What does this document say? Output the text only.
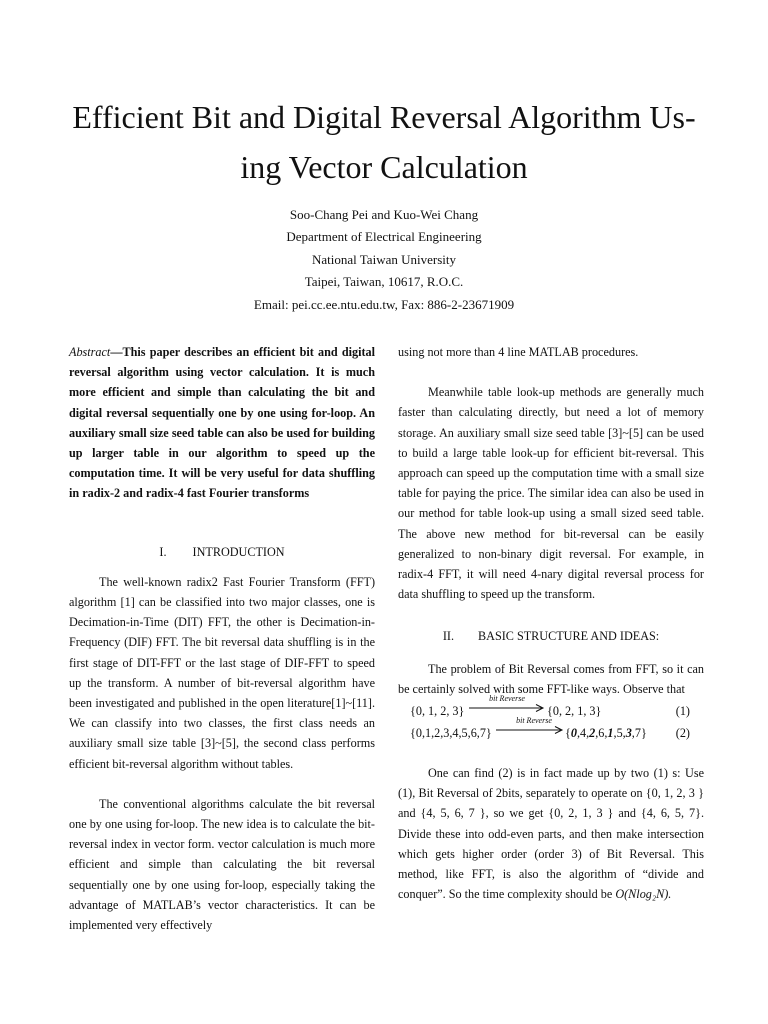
Efficient Bit and Digital Reversal Algorithm Us-
ing Vector Calculation
Soo-Chang Pei and Kuo-Wei Chang
Department of Electrical Engineering
National Taiwan University
Taipei, Taiwan, 10617, R.O.C.
Email: pei.cc.ee.ntu.edu.tw, Fax: 886-2-23671909

Abstract—This paper describes an efficient bit and digital reversal algorithm using vector calculation. It is much more efficient and simple than calculating the bit and digital reversal sequentially one by one using for-loop. An auxiliary small size seed table can also be used for building up larger table in our algorithm to speed up the computation time. It will be very useful for data shuffling in radix-2 and radix-4 fast Fourier transforms

I. INTRODUCTION

The well-known radix2 Fast Fourier Transform (FFT) algorithm [1] can be classified into two major classes, one is Decimation-in-Time (DIT) FFT, the other is Decimation-in-Frequency (DIF) FFT. The bit reversal data shuffling is in the first stage of DIT-FFT or the last stage of DIF-FFT to speed up the transform. A number of bit-reversal algorithm have been investigated and published in the open literature[1]~[11]. We can classify into two classes, the first class needs an auxiliary small size table [3]~[5], the second class performs efficient bit-reversal algorithm without tables.

The conventional algorithms calculate the bit reversal one by one using for-loop. The new idea is to calculate the bit-reversal index in vector form. vector calculation is much more efficient and simple than calculating the bit reversal sequentially one by one using for-loop, especially taking the advantage of MATLAB’s vector characteristics. It can be implemented very effectively

using not more than 4 line MATLAB procedures.

Meanwhile table look-up methods are generally much faster than calculating directly, but need a lot of memory storage. An auxiliary small size seed table [3]~[5] can be used to build a large table look-up for efficient bit-reversal. This approach can speed up the computation time with a small size table for paying the price. The similar idea can also be used in our method for table look-up using a small sized seed table. The above new method for bit-reversal can be easily generalized to non-binary digit reversal. For example, in radix-4 FFT, it will need 4-nary digital reversal process for data shuffling to speed up the transform.

II. BASIC STRUCTURE AND IDEAS:

The problem of Bit Reversal comes from FFT, so it can be certainly solved with some FFT-like ways. Observe that

{0, 1, 2, 3}
bit Reverse
{0, 2, 1, 3}	(1)
{0,1,2,3,4,5,6,7}
bit Reverse
{0,4,2,6,1,5,3,7} (2)

One can find (2) is in fact made up by two (1) s: Use (1), Bit Reversal of 2bits, separately to operate on {0, 1, 2, 3 } and {4, 5, 6, 7 }, so we get {0, 2, 1, 3 } and {4, 6, 5, 7}. Divide these into odd-even parts, and then make intersection which gets higher order (order 3) of Bit Reversal. This method, like FFT, is also the algorithm of “divide and conquer”. So the time complexity should be O(Nlog₂N).
